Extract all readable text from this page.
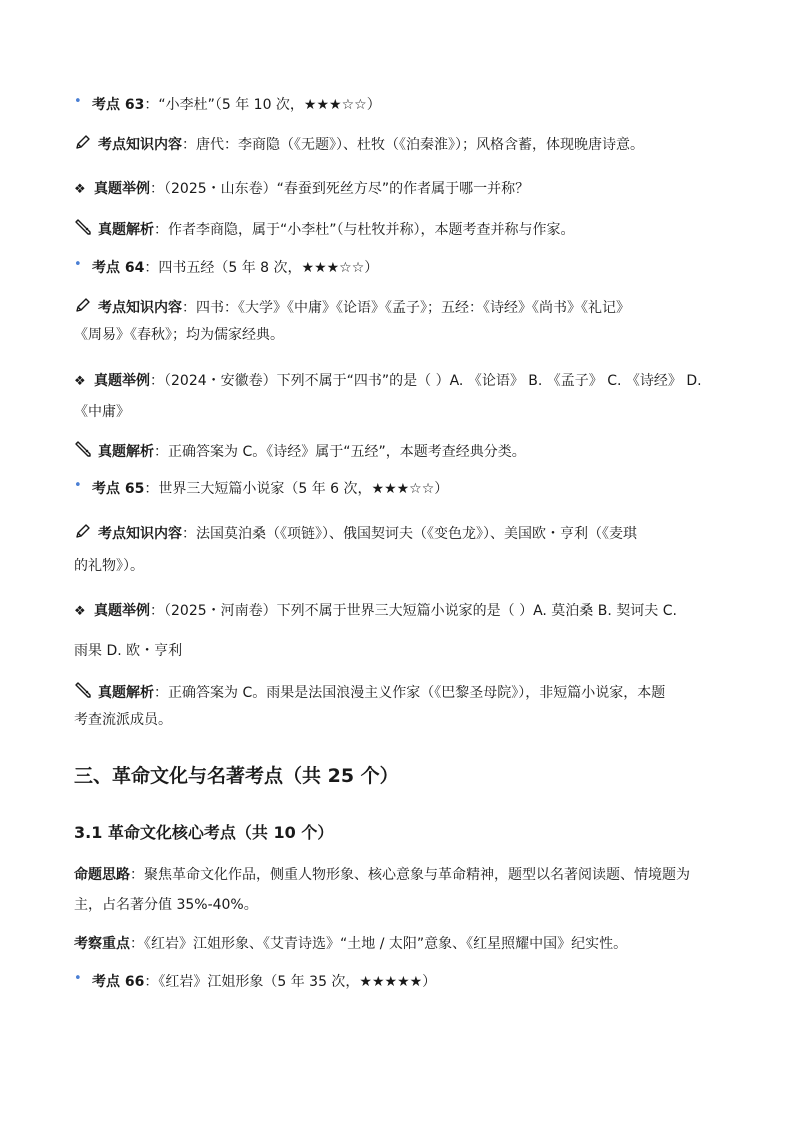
• 考点 63：“小李杜”（5 年 10 次，★★★☆☆）
考点知识内容：唐代：李商隐（《无题》）、杜牧（《泊秦淮》）；风格含蓄，体现晚唐诗意。
❖ 真题举例：（2025・山东卷）“春蚕到死丝方尽”的作者属于哪一并称？
真题解析：作者李商隐，属于“小李杜”（与杜牧并称），本题考查并称与作家。
• 考点 64：四书五经（5 年 8 次，★★★☆☆）
考点知识内容：四书：《大学》《中庸》《论语》《孟子》；五经：《诗经》《尚书》《礼记》
《周易》《春秋》；均为儒家经典。
❖ 真题举例：（2024・安徽卷）下列不属于“四书”的是（ ）A. 《论语》 B. 《孟子》 C. 《诗经》 D.
《中庸》
真题解析：正确答案为 C。《诗经》属于“五经”，本题考查经典分类。
• 考点 65：世界三大短篇小说家（5 年 6 次，★★★☆☆）
考点知识内容：法国莫泊桑（《项链》）、俄国契诃夫（《变色龙》）、美国欧・亨利（《麦琪
的礼物》）。
❖ 真题举例：（2025・河南卷）下列不属于世界三大短篇小说家的是（ ）A. 莫泊桑 B. 契诃夫 C.
雨果 D. 欧・亨利
真题解析：正确答案为 C。雨果是法国浪漫主义作家（《巴黎圣母院》），非短篇小说家，本题
考查流派成员。
三、革命文化与名著考点（共 25 个）
3.1 革命文化核心考点（共 10 个）
命题思路：聚焦革命文化作品，侧重人物形象、核心意象与革命精神，题型以名著阅读题、情境题为
主，占名著分值 35%-40%。
考察重点：《红岩》江姐形象、《艾青诗选》“土地 / 太阳”意象、《红星照耀中国》纪实性。
• 考点 66：《红岩》江姐形象（5 年 35 次，★★★★★）
